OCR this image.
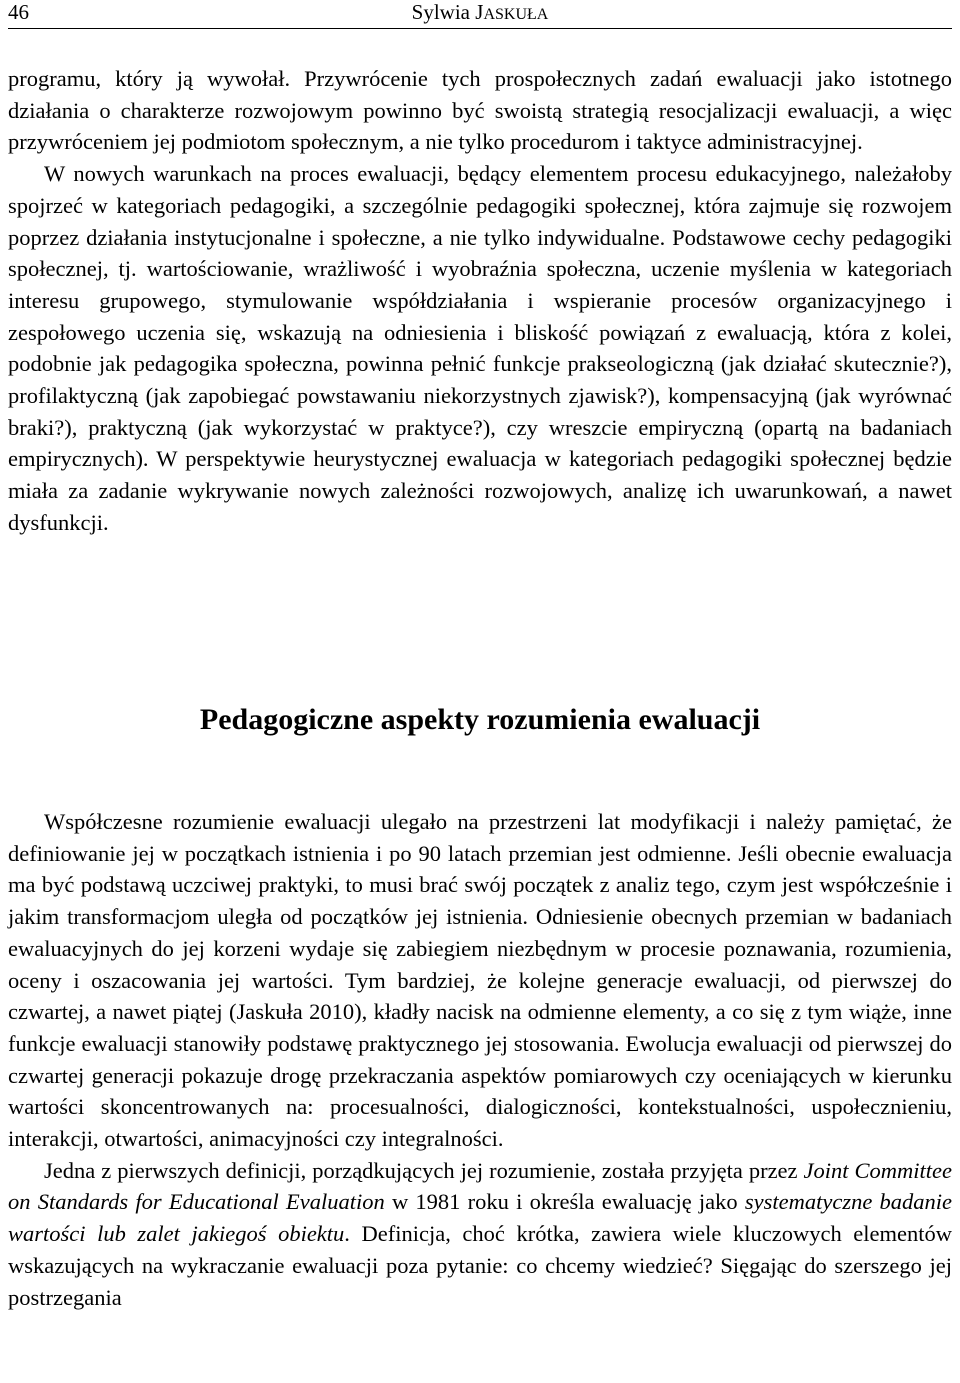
46	Sylwia JASKUŁA

programu, który ją wywołał. Przywrócenie tych prospołecznych zadań ewaluacji jako istotnego działania o charakterze rozwojowym powinno być swoistą strategią resocjalizacji ewaluacji, a więc przywróceniem jej podmiotom społecznym, a nie tylko procedurom i taktyce administracyjnej.

W nowych warunkach na proces ewaluacji, będący elementem procesu edukacyjnego, należałoby spojrzeć w kategoriach pedagogiki, a szczególnie pedagogiki społecznej, która zajmuje się rozwojem poprzez działania instytucjonalne i społeczne, a nie tylko indywidualne. Podstawowe cechy pedagogiki społecznej, tj. wartościowanie, wrażliwość i wyobraźnia społeczna, uczenie myślenia w kategoriach interesu grupowego, stymulowanie współdziałania i wspieranie procesów organizacyjnego i zespołowego uczenia się, wskazują na odniesienia i bliskość powiązań z ewaluacją, która z kolei, podobnie jak pedagogika społeczna, powinna pełnić funkcje prakseologiczną (jak działać skutecznie?), profilaktyczną (jak zapobiegać powstawaniu niekorzystnych zjawisk?), kompensacyjną (jak wyrównać braki?), praktyczną (jak wykorzystać w praktyce?), czy wreszcie empiryczną (opartą na badaniach empirycznych). W perspektywie heurystycznej ewaluacja w kategoriach pedagogiki społecznej będzie miała za zadanie wykrywanie nowych zależności rozwojowych, analizę ich uwarunkowań, a nawet dysfunkcji.

Pedagogiczne aspekty rozumienia ewaluacji

Współczesne rozumienie ewaluacji ulegało na przestrzeni lat modyfikacji i należy pamiętać, że definiowanie jej w początkach istnienia i po 90 latach przemian jest odmienne. Jeśli obecnie ewaluacja ma być podstawą uczciwej praktyki, to musi brać swój początek z analiz tego, czym jest współcześnie i jakim transformacjom uległa od początków jej istnienia. Odniesienie obecnych przemian w badaniach ewaluacyjnych do jej korzeni wydaje się zabiegiem niezbędnym w procesie poznawania, rozumienia, oceny i oszacowania jej wartości. Tym bardziej, że kolejne generacje ewaluacji, od pierwszej do czwartej, a nawet piątej (Jaskuła 2010), kładły nacisk na odmienne elementy, a co się z tym wiąże, inne funkcje ewaluacji stanowiły podstawę praktycznego jej stosowania. Ewolucja ewaluacji od pierwszej do czwartej generacji pokazuje drogę przekraczania aspektów pomiarowych czy oceniających w kierunku wartości skoncentrowanych na: procesualności, dialogiczności, kontekstualności, uspołecznieniu, interakcji, otwartości, animacyjności czy integralności.

Jedna z pierwszych definicji, porządkujących jej rozumienie, została przyjęta przez Joint Committee on Standards for Educational Evaluation w 1981 roku i określa ewaluację jako systematyczne badanie wartości lub zalet jakiegoś obiektu. Definicja, choć krótka, zawiera wiele kluczowych elementów wskazujących na wykraczanie ewaluacji poza pytanie: co chcemy wiedzieć? Sięgając do szerszego jej postrzegania
